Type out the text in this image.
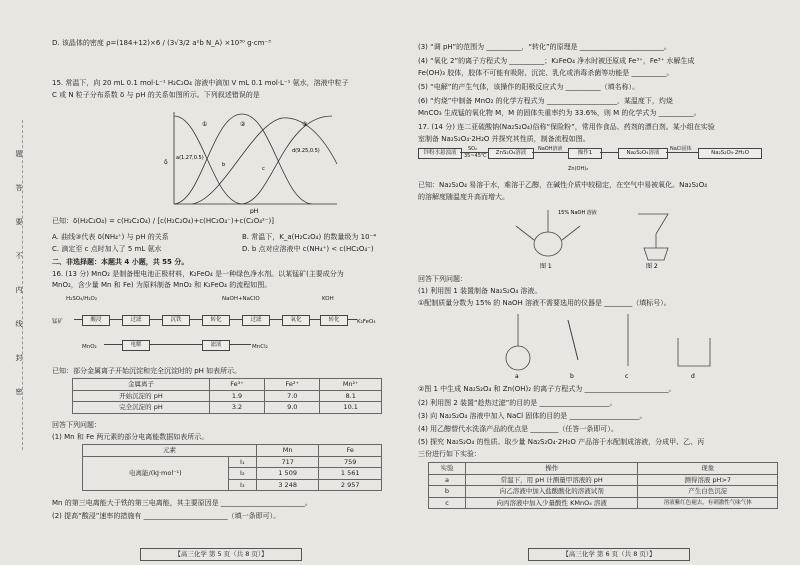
题
答
要
不
内
线
封
密
D. 该晶体的密度 ρ=(184+12)×6 / (3√3/2 a²b N_A) ×10³⁰ g·cm⁻³
15. 常温下，向 20 mL 0.1 mol·L⁻¹ H₂C₂O₄ 溶液中滴加 V mL 0.1 mol·L⁻¹ 氨水，溶液中粒子
C 或 N 粒子分布系数 δ 与 pH 的关系如图所示。下列叙述错误的是
①	②	③
a(1.27,0.5)
b
c
d(9.25,0.5)
pH
δ
已知：δ(H₂C₂O₄) = c(H₂C₂O₄) / [c(H₂C₂O₄)+c(HC₂O₄⁻)+c(C₂O₄²⁻)]
A. 曲线③代表 δ(NH₄⁺) 与 pH 的关系	B. 常温下，K_a(H₂C₂O₄) 的数量级为 10⁻⁴
C. 滴定至 c 点时加入了 5 mL 氨水	D. b 点对应溶液中 c(NH₄⁺) < c(HC₂O₄⁻)
二、非选择题：本题共 4 小题，共 55 分。
16. (13 分) MnO₂ 是制备锂电池正极材料，K₂FeO₄ 是一种绿色净水剂。以某锰矿(主要成分为
MnO₂，含少量 Mn 和 Fe) 为原料制备 MnO₂ 和 K₂FeO₄ 的流程如图。
H₂SO₄/H₂O₂	NaOH+NaClO	KOH
锰矿	酸浸	过滤	沉铁	转化	过滤	氧化	转化	K₂FeO₄
MnO₂	电解	滤液	MnCl₂
已知：部分金属离子开始沉淀和完全沉淀时的 pH 如表所示。
金属离子	Fe³⁺	Fe²⁺	Mn²⁺
开始沉淀的 pH	1.9	7.0	8.1
完全沉淀的 pH	3.2	9.0	10.1
回答下列问题：
(1) Mn 和 Fe 两元素的部分电离能数据如表所示。
元素		Mn	Fe
电离能/(kJ·mol⁻¹)	I₁	717	759
	I₂	1 509	1 561
	I₃	3 248	2 957
Mn 的第三电离能大于铁的第三电离能，其主要原因是 ________________________。
(2) 提高“酸浸”速率的措施有 ________________________（填一条即可）。
【高三化学 第 5 页（共 8 页）】
(3) “调 pH”的范围为 __________，“转化”的原理是 ________________________。
(4) “氧化 2”的离子方程式为 __________；K₂FeO₄ 净水时被还原成 Fe³⁺，Fe³⁺ 水解生成
Fe(OH)₃ 胶体，胶体不可能有吸附、沉淀、乳化或消毒杀菌等功能是 __________。
(5) “电解”的产生气体，该操作的阳极反应式为 __________（填名称）。
(6) “灼烧”中制备 MnO₂ 的化学方程式为 ____________________，某温度下，灼烧
MnCO₃ 生成锰的氧化物 M，M 的固体失重率约为 33.6%，则 M 的化学式为 __________。
17. (14 分) 连二亚硫酸钠(Na₂S₂O₄)俗称“保险粉”，常用作食品、药剂的漂白剂。某小组在实验
室制备 Na₂S₂O₄·2H₂O 并探究其性质，制备流程如图。
SO₂
35~45℃
锌粉水悬浊液	ZnS₂O₄溶液
NaOH溶液
操作1	Na₂S₂O₄溶液
NaCl固体
Na₂S₂O₄·2H₂O
Zn(OH)₂
已知：Na₂S₂O₄ 易溶于水，难溶于乙醇，在碱性介质中较稳定，在空气中易被氧化。Na₂S₂O₄
的溶解度随温度升高而增大。
15% NaOH 溶液
图 1	图 2
回答下列问题：
(1) 利用图 1 装置制备 Na₂S₂O₄ 溶液。
①配制质量分数为 15% 的 NaOH 溶液不需要选用的仪器是 ________（填标号）。
a	b	c	d
②图 1 中生成 Na₂S₂O₄ 和 Zn(OH)₂ 的离子方程式为 ________________________。
(2) 利用图 2 装置“趁热过滤”的目的是 ____________________。
(3) 向 Na₂S₂O₄ 溶液中加入 NaCl 固体的目的是 ____________________。
(4) 用乙醇替代水洗涤产品的优点是 ________（任答一条即可）。
(5) 探究 Na₂S₂O₄ 的性质。取少量 Na₂S₂O₄·2H₂O 产品溶于水配制成溶液，分成甲、乙、丙
三份进行如下实验：
实验	操作	现象
a	常温下，用 pH 计测量甲溶液的 pH	测得溶液 pH>7
b	向乙溶液中加入盐酸酸化的溶液试剂	产生白色沉淀
c	向丙溶液中加入少量酸性 KMnO₄ 溶液	溶液紫红色褪去，有刺激性气味气体
【高三化学 第 6 页（共 8 页）】
